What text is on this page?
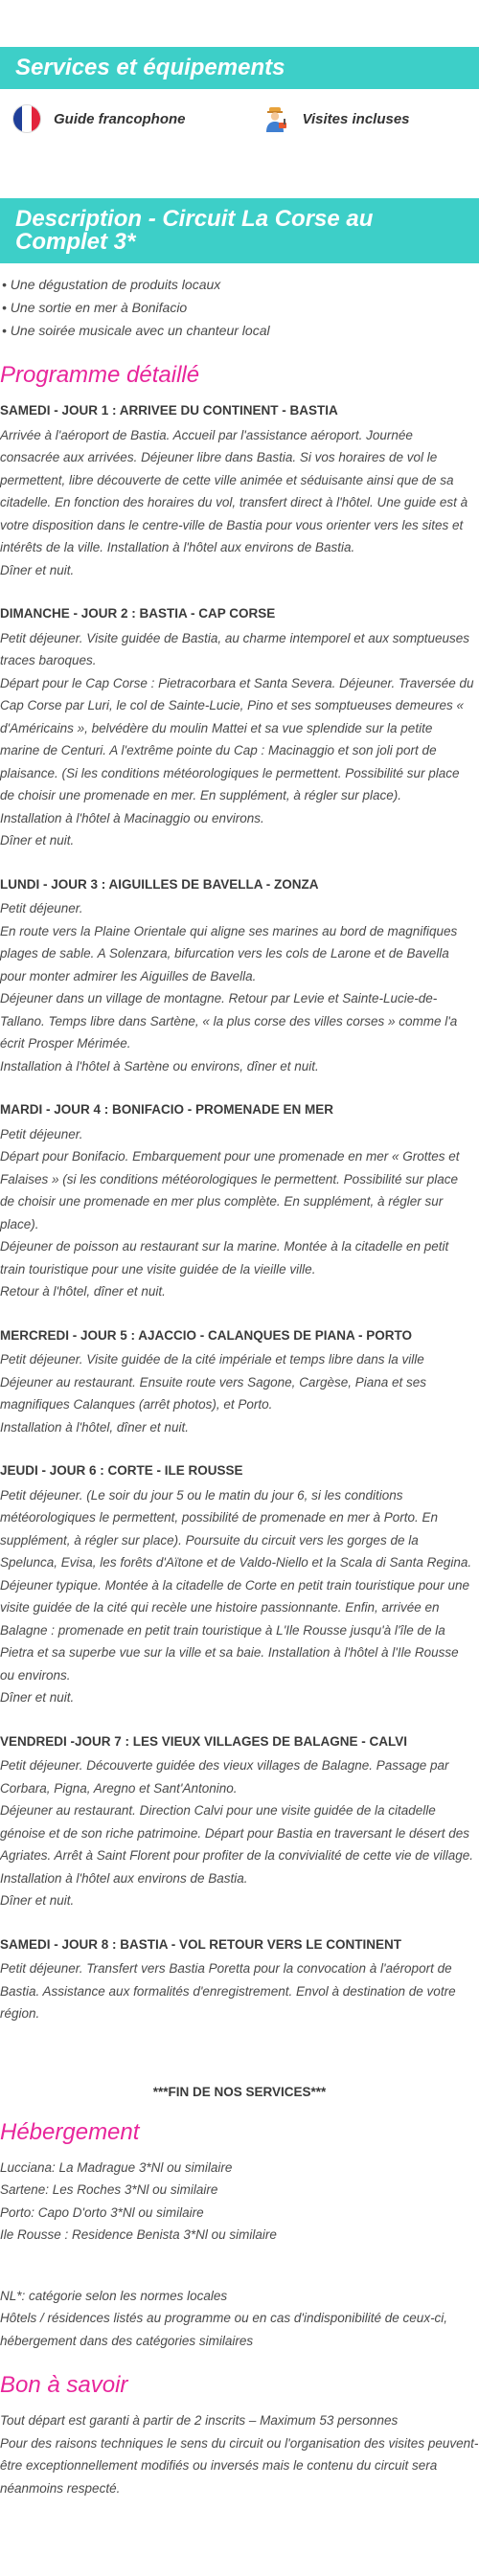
Services et équipements
Guide francophone	Visites incluses
Description - Circuit La Corse au Complet 3*
• Une dégustation de produits locaux
• Une sortie en mer à Bonifacio
• Une soirée musicale avec un chanteur local
Programme détaillé
SAMEDI - JOUR 1 : ARRIVEE DU CONTINENT - BASTIA
Arrivée à l'aéroport de Bastia. Accueil par l'assistance aéroport. Journée consacrée aux arrivées. Déjeuner libre dans Bastia. Si vos horaires de vol le permettent, libre découverte de cette ville animée et séduisante ainsi que de sa citadelle. En fonction des horaires du vol, transfert direct à l'hôtel. Une guide est à votre disposition dans le centre-ville de Bastia pour vous orienter vers les sites et intérêts de la ville. Installation à l'hôtel aux environs de Bastia.
Dîner et nuit.
DIMANCHE - JOUR 2 : BASTIA - CAP CORSE
Petit déjeuner. Visite guidée de Bastia, au charme intemporel et aux somptueuses traces baroques.
Départ pour le Cap Corse : Pietracorbara et Santa Severa. Déjeuner. Traversée du Cap Corse par Luri, le col de Sainte-Lucie, Pino et ses somptueuses demeures « d'Américains », belvédère du moulin Mattei et sa vue splendide sur la petite marine de Centuri. A l'extrême pointe du Cap : Macinaggio et son joli port de plaisance. (Si les conditions météorologiques le permettent. Possibilité sur place de choisir une promenade en mer. En supplément, à régler sur place).
Installation à l'hôtel à Macinaggio ou environs.
Dîner et nuit.
LUNDI - JOUR 3 : AIGUILLES DE BAVELLA - ZONZA
Petit déjeuner.
En route vers la Plaine Orientale qui aligne ses marines au bord de magnifiques plages de sable. A Solenzara, bifurcation vers les cols de Larone et de Bavella pour monter admirer les Aiguilles de Bavella.
Déjeuner dans un village de montagne. Retour par Levie et Sainte-Lucie-de-Tallano. Temps libre dans Sartène, « la plus corse des villes corses » comme l'a écrit Prosper Mérimée.
Installation à l'hôtel à Sartène ou environs, dîner et nuit.
MARDI - JOUR 4 : BONIFACIO - PROMENADE EN MER
Petit déjeuner.
Départ pour Bonifacio. Embarquement pour une promenade en mer « Grottes et Falaises » (si les conditions météorologiques le permettent. Possibilité sur place de choisir une promenade en mer plus complète. En supplément, à régler sur place).
Déjeuner de poisson au restaurant sur la marine. Montée à la citadelle en petit train touristique pour une visite guidée de la vieille ville.
Retour à l'hôtel, dîner et nuit.
MERCREDI - JOUR 5 : AJACCIO - CALANQUES DE PIANA - PORTO
Petit déjeuner. Visite guidée de la cité impériale et temps libre dans la ville
Déjeuner au restaurant. Ensuite route vers Sagone, Cargèse, Piana et ses magnifiques Calanques (arrêt photos), et Porto.
Installation à l'hôtel, dîner et nuit.
JEUDI - JOUR 6 : CORTE - ILE ROUSSE
Petit déjeuner. (Le soir du jour 5 ou le matin du jour 6, si les conditions météorologiques le permettent, possibilité de promenade en mer à Porto. En supplément, à régler sur place). Poursuite du circuit vers les gorges de la Spelunca, Evisa, les forêts d'Aïtone et de Valdo-Niello et la Scala di Santa Regina.
Déjeuner typique. Montée à la citadelle de Corte en petit train touristique pour une visite guidée de la cité qui recèle une histoire passionnante. Enfin, arrivée en Balagne : promenade en petit train touristique à L'Ile Rousse jusqu'à l'île de la Pietra et sa superbe vue sur la ville et sa baie. Installation à l'hôtel à l'Ile Rousse ou environs.
Dîner et nuit.
VENDREDI -JOUR 7 : LES VIEUX VILLAGES DE BALAGNE - CALVI
Petit déjeuner. Découverte guidée des vieux villages de Balagne. Passage par Corbara, Pigna, Aregno et Sant'Antonino.
Déjeuner au restaurant. Direction Calvi pour une visite guidée de la citadelle génoise et de son riche patrimoine. Départ pour Bastia en traversant le désert des Agriates. Arrêt à Saint Florent pour profiter de la convivialité de cette vie de village.
Installation à l'hôtel aux environs de Bastia.
Dîner et nuit.
SAMEDI - JOUR 8 : BASTIA - VOL RETOUR VERS LE CONTINENT
Petit déjeuner. Transfert vers Bastia Poretta pour la convocation à l'aéroport de Bastia. Assistance aux formalités d'enregistrement. Envol à destination de votre région.
***FIN DE NOS SERVICES***
Hébergement
Lucciana: La Madrague 3*Nl ou similaire
Sartene: Les Roches 3*Nl ou similaire
Porto: Capo D'orto 3*Nl ou similaire
Ile Rousse : Residence Benista 3*Nl ou similaire
NL*: catégorie selon les normes locales
Hôtels / résidences listés au programme ou en cas d'indisponibilité de ceux-ci, hébergement dans des catégories similaires
Bon à savoir
Tout départ est garanti à partir de 2 inscrits – Maximum 53 personnes
Pour des raisons techniques le sens du circuit ou l'organisation des visites peuvent-être exceptionnellement modifiés ou inversés mais le contenu du circuit sera néanmoins respecté.
